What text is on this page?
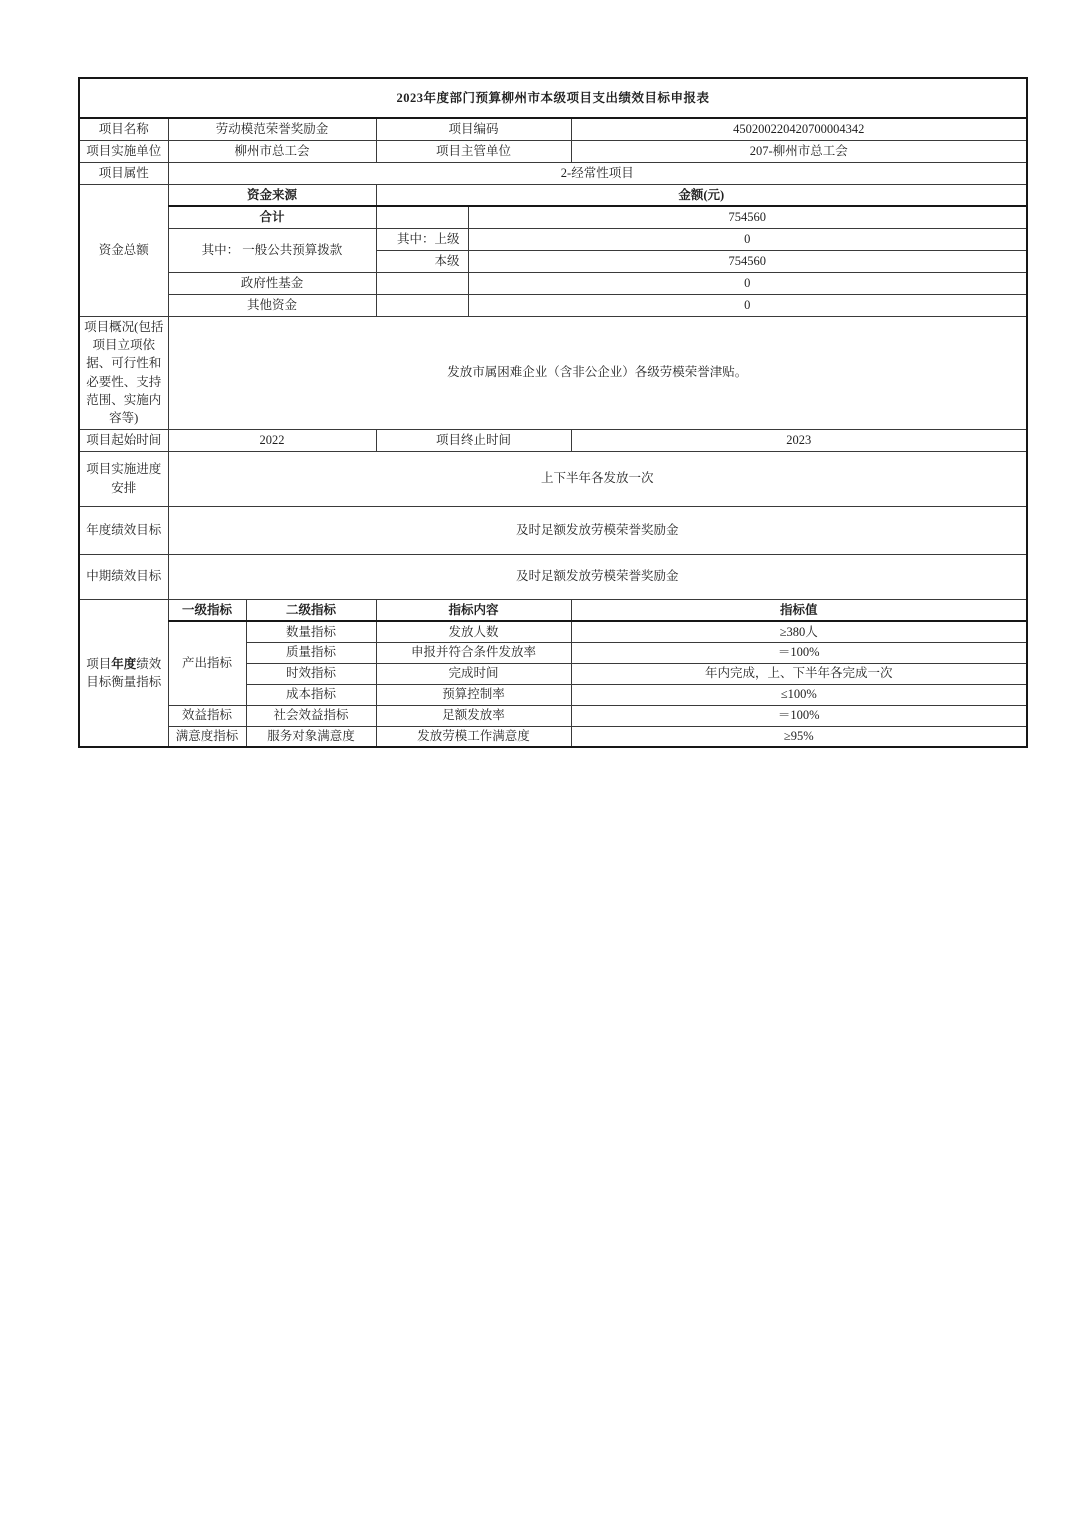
2023年度部门预算柳州市本级项目支出绩效目标申报表					
项目名称	劳动模范荣誉奖励金		项目编码		450200220420700004342
项目实施单位	柳州市总工会		项目主管单位		207-柳州市总工会
项目属性	2-经常性项目				
资金总额	资金来源		金额(元)		
	合计			754560	
	其中： 一般公共预算拨款		其中：上级	0	
			本级	754560	
	政府性基金			0	
	其他资金			0	
项目概况(包括项目立项依据、可行性和必要性、支持范围、实施内容等)	发放市属困难企业（含非公企业）各级劳模荣誉津贴。				
项目起始时间	2022		项目终止时间		2023
项目实施进度安排	上下半年各发放一次				
年度绩效目标	及时足额发放劳模荣誉奖励金				
中期绩效目标	及时足额发放劳模荣誉奖励金				
项目年度绩效目标衡量指标	一级指标	二级指标	指标内容		指标值
	产出指标	数量指标	发放人数		≥380人
		质量指标	申报并符合条件发放率		＝100%
		时效指标	完成时间		年内完成，上、下半年各完成一次
		成本指标	预算控制率		≤100%
	效益指标	社会效益指标	足额发放率		＝100%
	满意度指标	服务对象满意度	发放劳模工作满意度		≥95%
